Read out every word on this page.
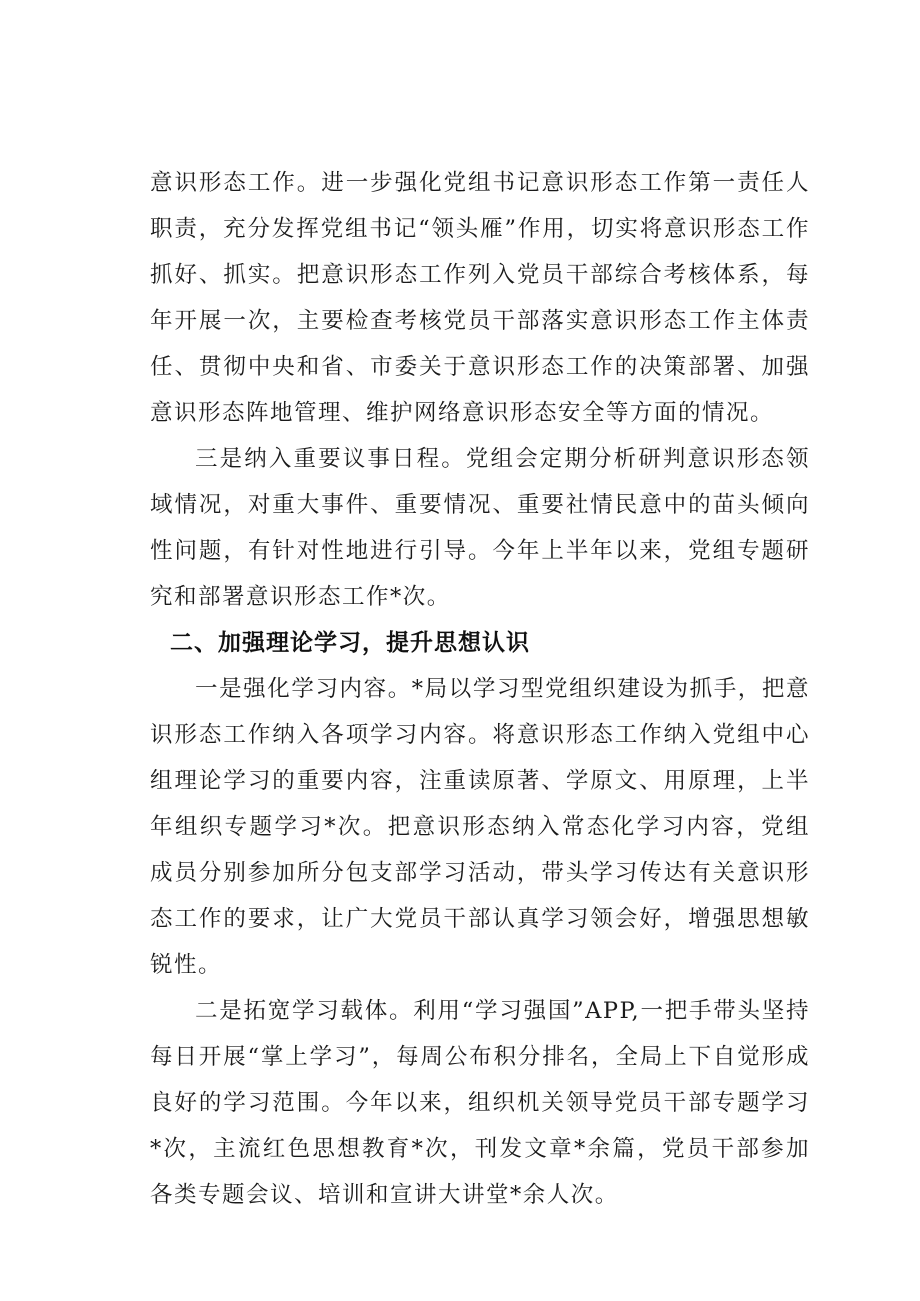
意识形态工作。进一步强化党组书记意识形态工作第一责任人职责，充分发挥党组书记“领头雁”作用，切实将意识形态工作抓好、抓实。把意识形态工作列入党员干部综合考核体系，每年开展一次，主要检查考核党员干部落实意识形态工作主体责任、贯彻中央和省、市委关于意识形态工作的决策部署、加强意识形态阵地管理、维护网络意识形态安全等方面的情况。

三是纳入重要议事日程。党组会定期分析研判意识形态领域情况，对重大事件、重要情况、重要社情民意中的苗头倾向性问题，有针对性地进行引导。今年上半年以来，党组专题研究和部署意识形态工作*次。

二、加强理论学习，提升思想认识

一是强化学习内容。*局以学习型党组织建设为抓手，把意识形态工作纳入各项学习内容。将意识形态工作纳入党组中心组理论学习的重要内容，注重读原著、学原文、用原理，上半年组织专题学习*次。把意识形态纳入常态化学习内容，党组成员分别参加所分包支部学习活动，带头学习传达有关意识形态工作的要求，让广大党员干部认真学习领会好，增强思想敏锐性。

二是拓宽学习载体。利用“学习强国”APP,一把手带头坚持每日开展“掌上学习”，每周公布积分排名，全局上下自觉形成良好的学习范围。今年以来，组织机关领导党员干部专题学习*次，主流红色思想教育*次，刊发文章*余篇，党员干部参加各类专题会议、培训和宣讲大讲堂*余人次。
